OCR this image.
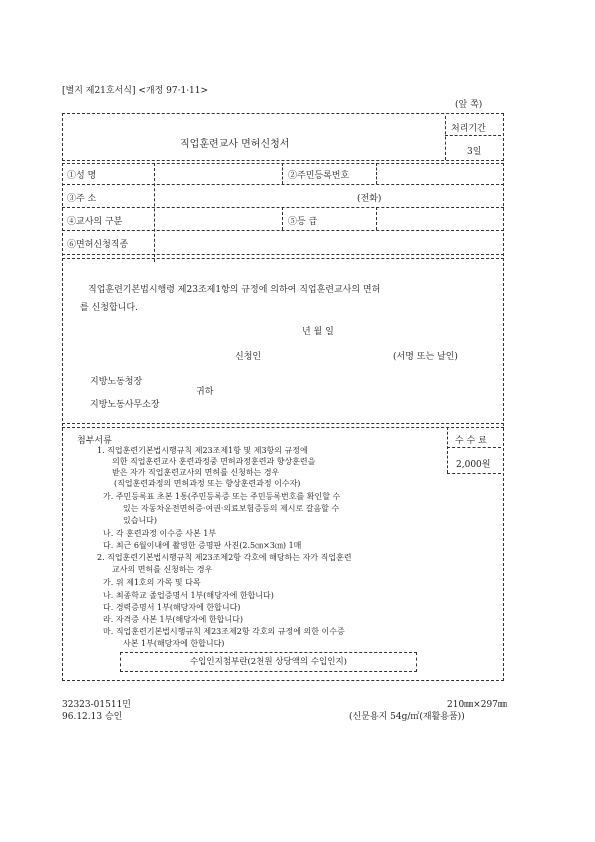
[별지 제21호서식] <개정 97·1·11>
(앞 쪽)
직업훈련교사 면허신청서
처리기간
3일
①성 명	②주민등록번호
③주 소	(전화)
④교사의 구분	⑤등 급
⑥면허신청직종
직업훈련기본법시행령 제23조제1항의 규정에 의하여 직업훈련교사의 면허
를 신청합니다.
년 월 일
신청인	(서명 또는 날인)
지방노동청장
귀하
지방노동사무소장
첨부서류	수 수 료
2,000원
1. 직업훈련기본법시행규칙 제23조제1항 및 제3항의 규정에
의한 직업훈련교사 훈련과정중 면허과정훈련과 향상훈련을
받은 자가 직업훈련교사의 면허를 신청하는 경우
(직업훈련과정의 면허과정 또는 향상훈련과정 이수자)
가. 주민등록표 초본 1통(주민등록증 또는 주민등록번호를 확인할 수
있는 자동차운전면허증·여권·의료보험증등의 제시로 갈음할 수
있습니다)
나. 각 훈련과정 이수증 사본 1부
다. 최근 6월이내에 촬영한 증명판 사진(2.5㎝×3㎝) 1매
2. 직업훈련기본법시행규칙 제23조제2항 각호에 해당하는 자가 직업훈련
교사의 면허를 신청하는 경우
가. 위 제1호의 가목 및 다목
나. 최종학교 졸업증명서 1부(해당자에 한합니다)
다. 경력증명서 1부(해당자에 한합니다)
라. 자격증 사본 1부(해당자에 한합니다)
마. 직업훈련기본법시행규칙 제23조제2항 각호의 규정에 의한 이수증
사본 1부(해당자에 한합니다)
수입인지첨부란(2천원 상당액의 수입인지)
32323-01511민
96.12.13 승인
210㎜×297㎜
(신문용지 54g/㎡(재활용품))
